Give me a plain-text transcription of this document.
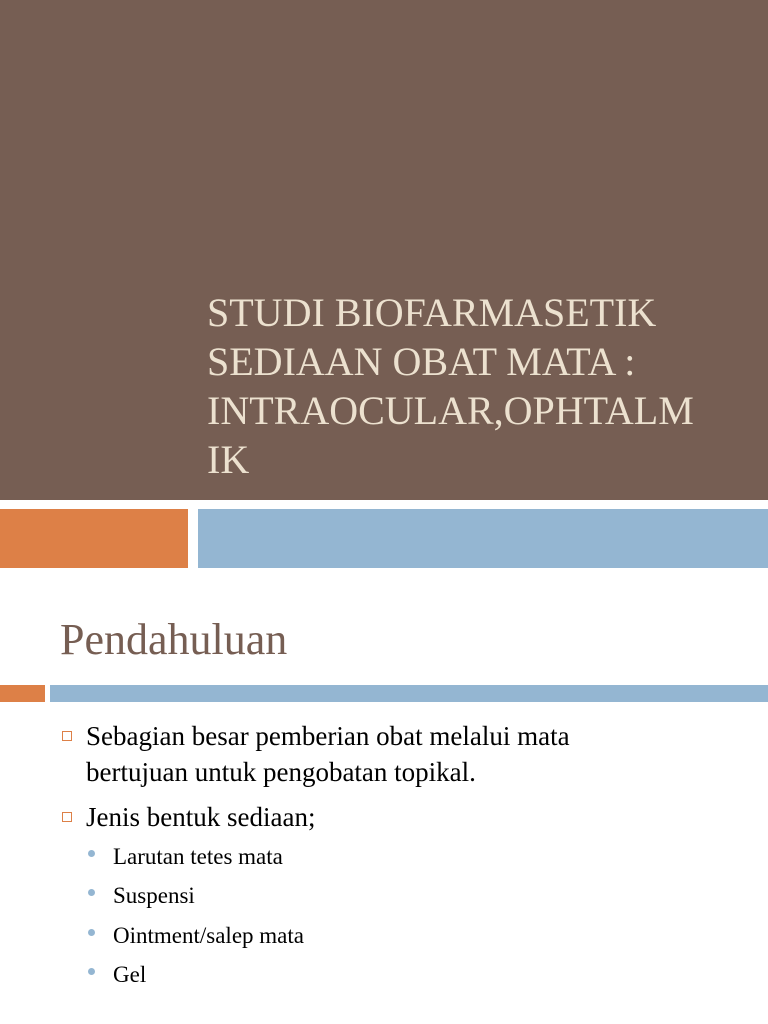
STUDI BIOFARMASETIK
SEDIAAN OBAT MATA :
INTRAOCULAR,OPHTALM
IK
Pendahuluan
Sebagian besar pemberian obat melalui mata
bertujuan untuk pengobatan topikal.
Jenis bentuk sediaan;
Larutan tetes mata
Suspensi
Ointment/salep mata
Gel
